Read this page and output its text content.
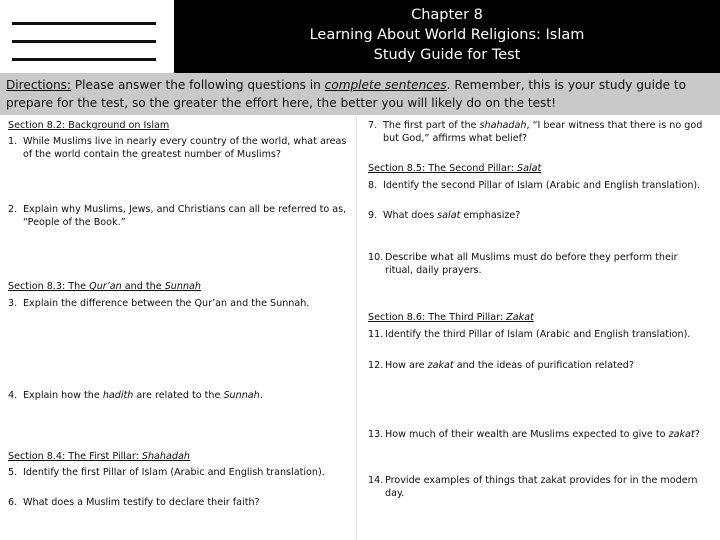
Chapter 8
Learning About World Religions: Islam
Study Guide for Test
Directions: Please answer the following questions in complete sentences. Remember, this is your study guide to prepare for the test, so the greater the effort here, the better you will likely do on the test!
Section 8.2: Background on Islam
1. While Muslims live in nearly every country of the world, what areas of the world contain the greatest number of Muslims?
2. Explain why Muslims, Jews, and Christians can all be referred to as, “People of the Book.”
Section 8.3: The Qur’an and the Sunnah
3. Explain the difference between the Qur’an and the Sunnah.
4. Explain how the hadith are related to the Sunnah.
Section 8.4: The First Pillar: Shahadah
5. Identify the first Pillar of Islam (Arabic and English translation).
6. What does a Muslim testify to declare their faith?
7. The first part of the shahadah, “I bear witness that there is no god but God,” affirms what belief?
Section 8.5: The Second Pillar: Salat
8. Identify the second Pillar of Islam (Arabic and English translation).
9. What does salat emphasize?
10. Describe what all Muslims must do before they perform their ritual, daily prayers.
Section 8.6: The Third Pillar: Zakat
11. Identify the third Pillar of Islam (Arabic and English translation).
12. How are zakat and the ideas of purification related?
13. How much of their wealth are Muslims expected to give to zakat?
14. Provide examples of things that zakat provides for in the modern day.
